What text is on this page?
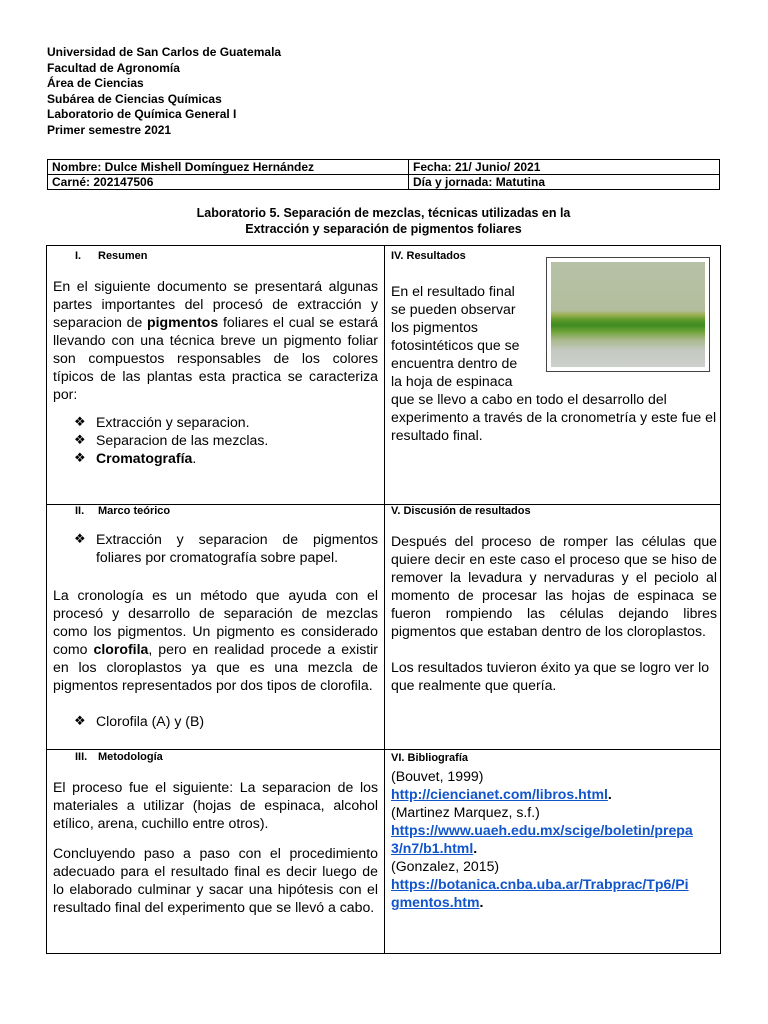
Universidad de San Carlos de Guatemala
Facultad de Agronomía
Área de Ciencias
Subárea de Ciencias Químicas
Laboratorio de Química General I
Primer semestre 2021
Nombre: Dulce Mishell Domínguez Hernández	Fecha: 21/ Junio/ 2021
Carné: 202147506	Día y jornada: Matutina
Laboratorio 5. Separación de mezclas, técnicas utilizadas en la
Extracción y separación de pigmentos foliares
I. Resumen
En el siguiente documento se presentará algunas partes importantes del procesó de extracción y separacion de pigmentos foliares el cual se estará llevando con una técnica breve un pigmento foliar son compuestos responsables de los colores típicos de las plantas esta practica se caracteriza por:
❖ Extracción y separacion.
❖ Separacion de las mezclas.
❖ Cromatografía.
II. Marco teórico
❖ Extracción y separacion de pigmentos foliares por cromatografía sobre papel.
La cronología es un método que ayuda con el procesó y desarrollo de separación de mezclas como los pigmentos. Un pigmento es considerado como clorofila, pero en realidad procede a existir en los cloroplastos ya que es una mezcla de pigmentos representados por dos tipos de clorofila.
❖ Clorofila (A) y (B)
III. Metodología
El proceso fue el siguiente: La separacion de los materiales a utilizar (hojas de espinaca, alcohol etílico, arena, cuchillo entre otros).
Concluyendo paso a paso con el procedimiento adecuado para el resultado final es decir luego de lo elaborado culminar y sacar una hipótesis con el resultado final del experimento que se llevó a cabo.
IV. Resultados
En el resultado final
se pueden observar
los pigmentos
fotosintéticos que se
encuentra dentro de
la hoja de espinaca
que se llevo a cabo en todo el desarrollo del experimento a través de la cronometría y este fue el resultado final.
V. Discusión de resultados
Después del proceso de romper las células que quiere decir en este caso el proceso que se hiso de remover la levadura y nervaduras y el peciolo al momento de procesar las hojas de espinaca se fueron rompiendo las células dejando libres pigmentos que estaban dentro de los cloroplastos.
Los resultados tuvieron éxito ya que se logro ver lo que realmente que quería.
VI. Bibliografía
(Bouvet, 1999)
http://ciencianet.com/libros.html.
(Martinez Marquez, s.f.)
https://www.uaeh.edu.mx/scige/boletin/prepa
3/n7/b1.html.
(Gonzalez, 2015)
https://botanica.cnba.uba.ar/Trabprac/Tp6/Pi
gmentos.htm.
